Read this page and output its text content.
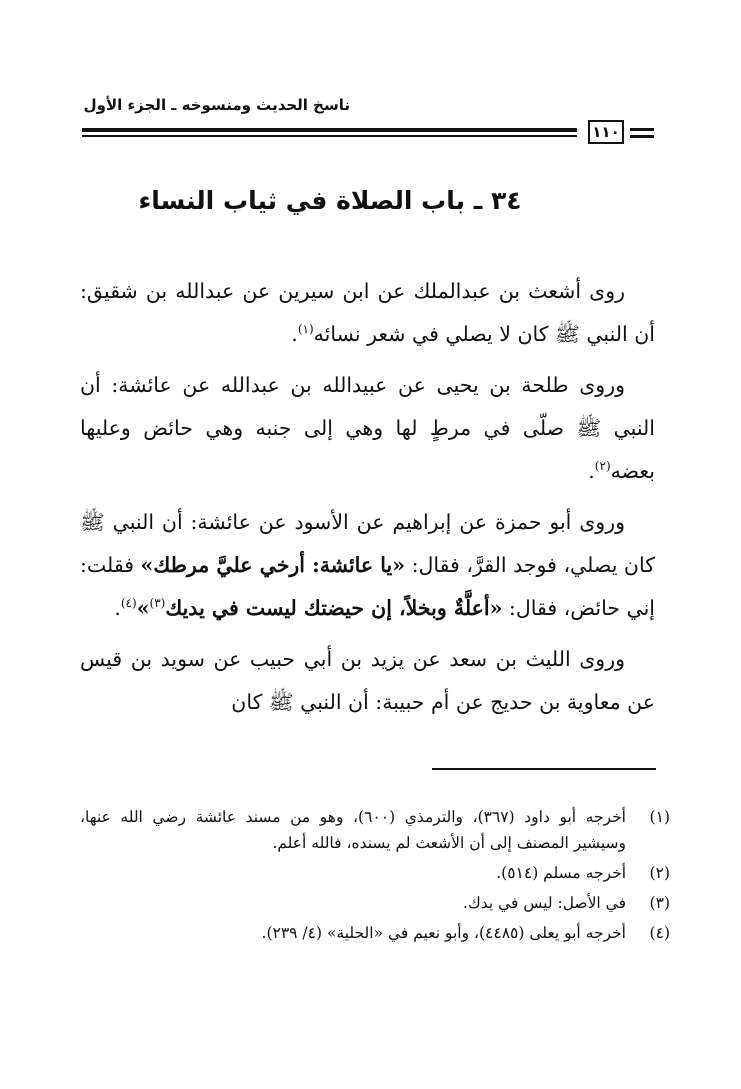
ناسخ الحديث ومنسوخه ـ الجزء الأول
١١٠
٣٤ ـ باب الصلاة في ثياب النساء

روى أشعث بن عبدالملك عن ابن سيرين عن عبدالله بن شقيق: أن النبي ﷺ كان لا يصلي في شعر نسائه$^{(١)}$.

وروى طلحة بن يحيى عن عبيدالله بن عبدالله عن عائشة: أن النبي ﷺ صلّى في مرطٍ لها وهي إلى جنبه وهي حائض وعليها بعضه$^{(٢)}$.

وروى أبو حمزة عن إبراهيم عن الأسود عن عائشة: أن النبي ﷺ كان يصلي، فوجد القرَّ، فقال: «يا عائشة: أرخي عليَّ مرطك» فقلت: إني حائض، فقال: «أعلَّةٌ وبخلاً، إن حيضتك ليست في يديك$^{(٣)}$»$^{(٤)}$.

وروى الليث بن سعد عن يزيد بن أبي حبيب عن سويد بن قيس عن معاوية بن حديج عن أم حبيبة: أن النبي ﷺ كان

(١)
أخرجه أبو داود (٣٦٧)، والترمذي (٦٠٠)، وهو من مسند عائشة رضي الله عنها، وسيشير المصنف إلى أن الأشعث لم يسنده، فالله أعلم.
(٢)
أخرجه مسلم (٥١٤).
(٣)
في الأصل: ليس في يدك.
(٤)
أخرجه أبو يعلى (٤٤٨٥)، وأبو نعيم في «الحلية» (٤/ ٢٣٩).
